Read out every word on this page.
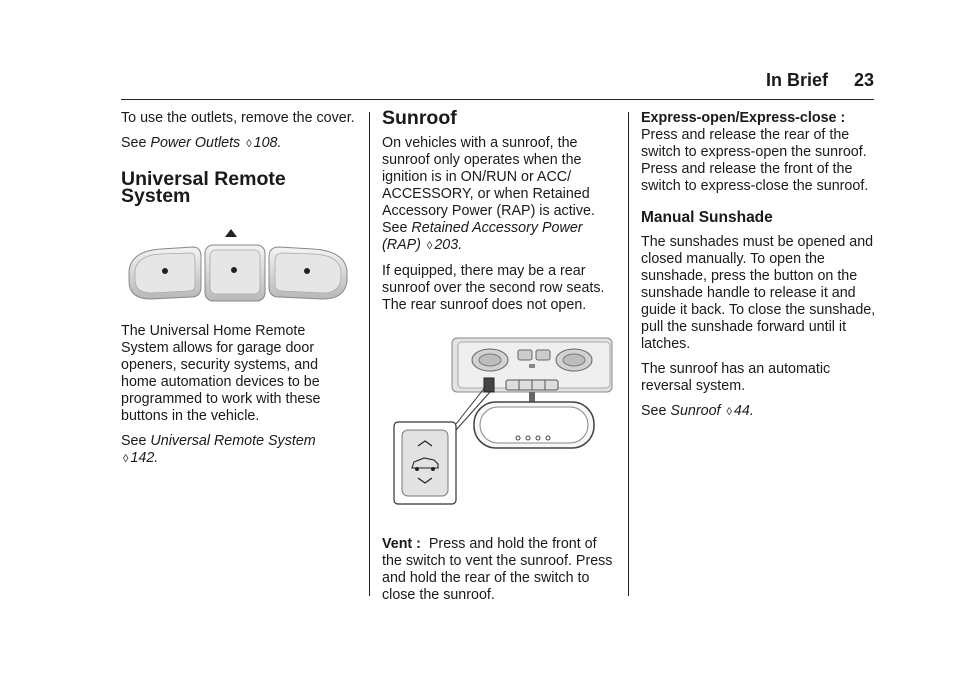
In Brief 23

To use the outlets, remove the cover.

See Power Outlets ◊ 108.

Universal Remote System

The Universal Home Remote System allows for garage door openers, security systems, and home automation devices to be programmed to work with these buttons in the vehicle.

See Universal Remote System ◊ 142.

Sunroof

On vehicles with a sunroof, the sunroof only operates when the ignition is in ON/RUN or ACC/ ACCESSORY, or when Retained Accessory Power (RAP) is active. See Retained Accessory Power (RAP) ◊ 203.

If equipped, there may be a rear sunroof over the second row seats. The rear sunroof does not open.

Vent : Press and hold the front of the switch to vent the sunroof. Press and hold the rear of the switch to close the sunroof.

Express-open/Express-close :
Press and release the rear of the switch to express-open the sunroof. Press and release the front of the switch to express-close the sunroof.

Manual Sunshade

The sunshades must be opened and closed manually. To open the sunshade, press the button on the sunshade handle to release it and guide it back. To close the sunshade, pull the sunshade forward until it latches.

The sunroof has an automatic reversal system.

See Sunroof ◊ 44.
